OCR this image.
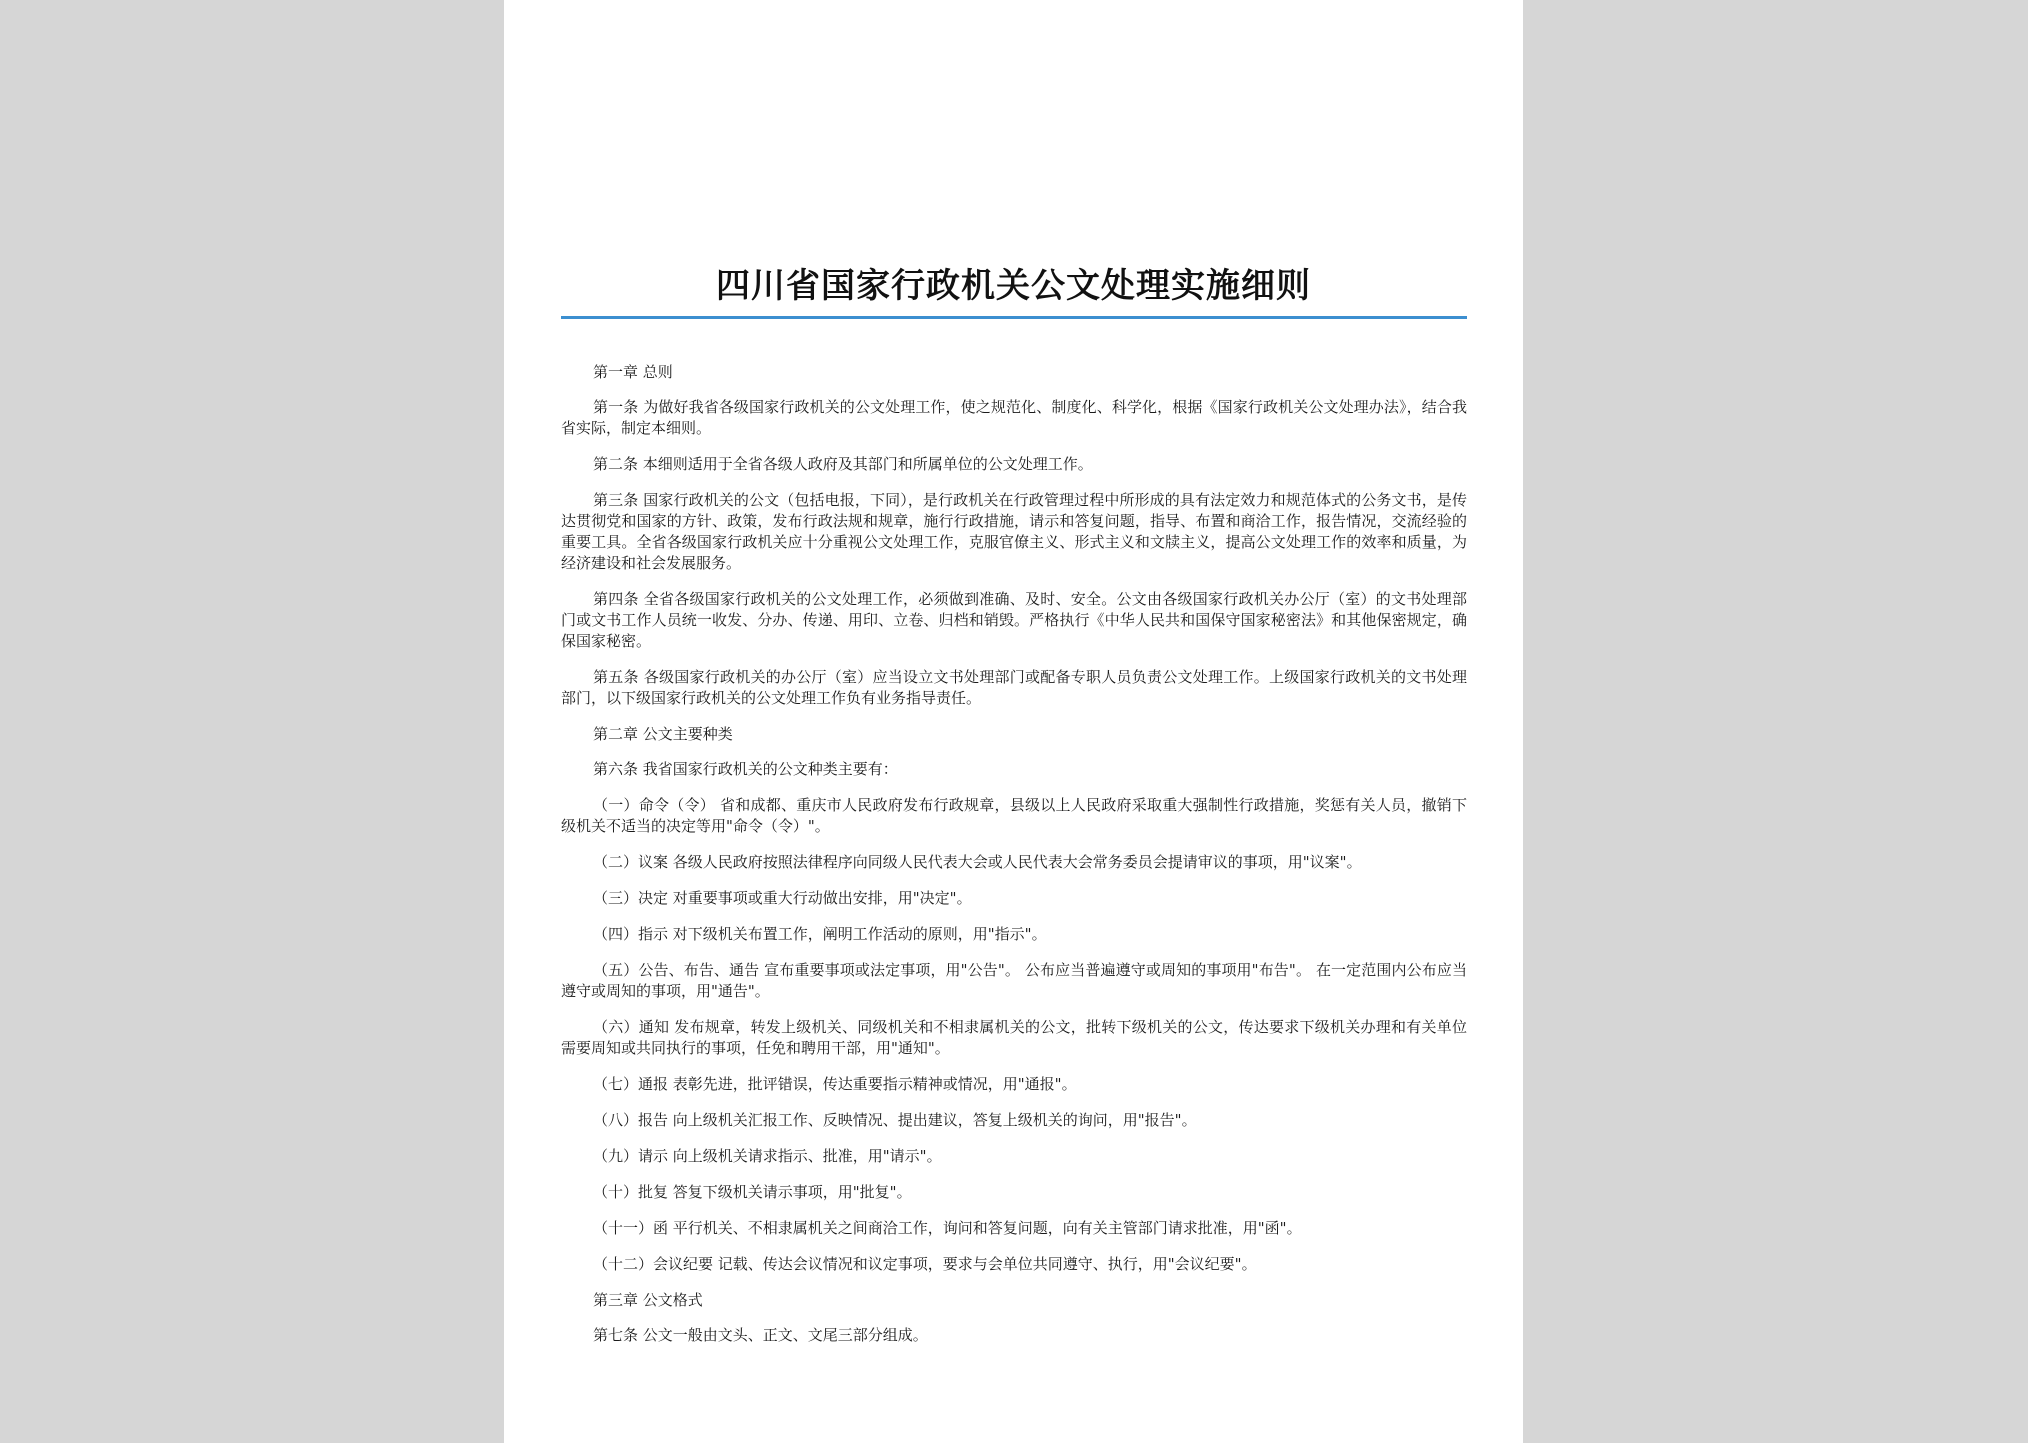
四川省国家行政机关公文处理实施细则

第一章 总则

第一条 为做好我省各级国家行政机关的公文处理工作，使之规范化、制度化、科学化，根据《国家行政机关公文处理办法》，结合我省实际，制定本细则。

第二条 本细则适用于全省各级人政府及其部门和所属单位的公文处理工作。

第三条 国家行政机关的公文（包括电报，下同），是行政机关在行政管理过程中所形成的具有法定效力和规范体式的公务文书，是传达贯彻党和国家的方针、政策，发布行政法规和规章，施行行政措施，请示和答复问题，指导、布置和商洽工作，报告情况，交流经验的重要工具。全省各级国家行政机关应十分重视公文处理工作，克服官僚主义、形式主义和文牍主义，提高公文处理工作的效率和质量，为经济建设和社会发展服务。

第四条 全省各级国家行政机关的公文处理工作，必须做到准确、及时、安全。公文由各级国家行政机关办公厅（室）的文书处理部门或文书工作人员统一收发、分办、传递、用印、立卷、归档和销毁。严格执行《中华人民共和国保守国家秘密法》和其他保密规定，确保国家秘密。

第五条 各级国家行政机关的办公厅（室）应当设立文书处理部门或配备专职人员负责公文处理工作。上级国家行政机关的文书处理部门，以下级国家行政机关的公文处理工作负有业务指导责任。

第二章 公文主要种类

第六条 我省国家行政机关的公文种类主要有：

（一）命令（令） 省和成都、重庆市人民政府发布行政规章，县级以上人民政府采取重大强制性行政措施，奖惩有关人员，撤销下级机关不适当的决定等用"命令（令）"。

（二）议案 各级人民政府按照法律程序向同级人民代表大会或人民代表大会常务委员会提请审议的事项，用"议案"。

（三）决定 对重要事项或重大行动做出安排，用"决定"。

（四）指示 对下级机关布置工作，阐明工作活动的原则，用"指示"。

（五）公告、布告、通告 宣布重要事项或法定事项，用"公告"。 公布应当普遍遵守或周知的事项用"布告"。 在一定范围内公布应当遵守或周知的事项，用"通告"。

（六）通知 发布规章，转发上级机关、同级机关和不相隶属机关的公文，批转下级机关的公文，传达要求下级机关办理和有关单位需要周知或共同执行的事项，任免和聘用干部，用"通知"。

（七）通报 表彰先进，批评错误，传达重要指示精神或情况，用"通报"。

（八）报告 向上级机关汇报工作、反映情况、提出建议，答复上级机关的询问，用"报告"。

（九）请示 向上级机关请求指示、批准，用"请示"。

（十）批复 答复下级机关请示事项，用"批复"。

（十一）函 平行机关、不相隶属机关之间商洽工作，询问和答复问题，向有关主管部门请求批准，用"函"。

（十二）会议纪要 记载、传达会议情况和议定事项，要求与会单位共同遵守、执行，用"会议纪要"。

第三章 公文格式

第七条 公文一般由文头、正文、文尾三部分组成。
